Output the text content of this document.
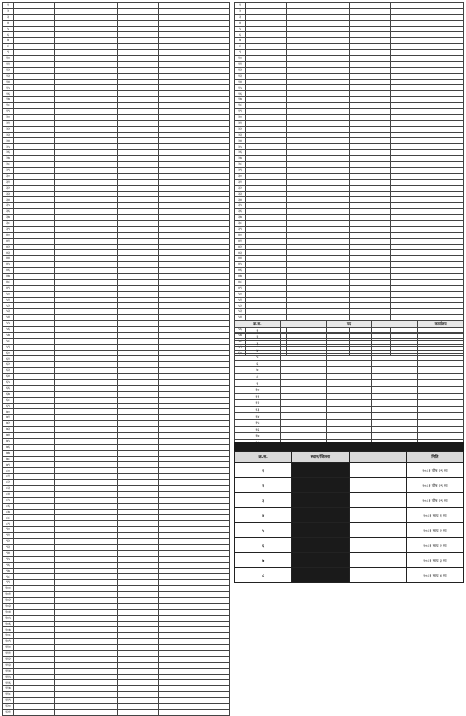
१				
२				
३				
४				
५				
६				
७				
८				
९				
१०				
११				
१२				
१३				
१४				
१५				
१६				
१७				
१८				
१९				
२०				
२१				
२२				
२३				
२४				
२५				
२६				
२७				
२८				
२९				
३०				
३१				
३२				
३३				
३४				
३५				
३६				
३७				
३८				
३९				
४०				
४१				
४२				
४३				
४४				
४५				
४६				
४७				
४८				
४९				
५०				
५१				
५२				
५३				
५४				
५५				
५६				
५७				
५८				
५९				
६०				
६१				
६२				
६३				
६४				
६५				
६६				
६७				
६८				
६९				
७०				
७१				
७२				
७३				
७४				
७५				
७६				
७७				
७८				
७९				
८०				
८१				
८२				
८३				
८४				
८५				
८६				
८७				
८८				
८९				
९०				
९१				
९२				
९३				
९४				
९५				
९६				
९७				
९८				
९९				
१००				
१०१				
१०२				
१०३				
१०४				
१०५				
१०६				
१०७				
१०८				
१०९				
११०				
१११				
११२				
११३				
११४				
११५				
११६				
११७				
११८				
११९				
१२०				
१२१				
१				
२				
३				
४				
५				
६				
७				
८				
९				
१०				
११				
१२				
१३				
१४				
१५				
१६				
१७				
१८				
१९				
२०				
२१				
२२				
२३				
२४				
२५				
२६				
२७				
२८				
२९				
३०				
३१				
३२				
३३				
३४				
३५				
३६				
३७				
३८				
३९				
४०				
४१				
४२				
४३				
४४				
४५				
४६				
४७				
४८				
४९				
५०				
५१				
५२				
५३				
५४				

५६				
५७				
५८				
५९				
६०				
क्र.स.		पद		कार्यालय
१				
२				
३				
४				
५				
६				
७				
८				
९				
१०				
११				
१२				
१३				
१४				
१५				
१६				
१७				

क्र.स.	स्थान/जिल्ला		मिति
१			२०८१ पौष २९ मा
२			२०८१ पौष २९ मा
३			२०८१ पौष २९ मा
४			२०८१ माघ १ मा
५			२०८१ माघ २ मा
६			२०८१ माघ २ मा
७			२०८१ माघ ३ मा
८			२०८१ माघ ४ मा
